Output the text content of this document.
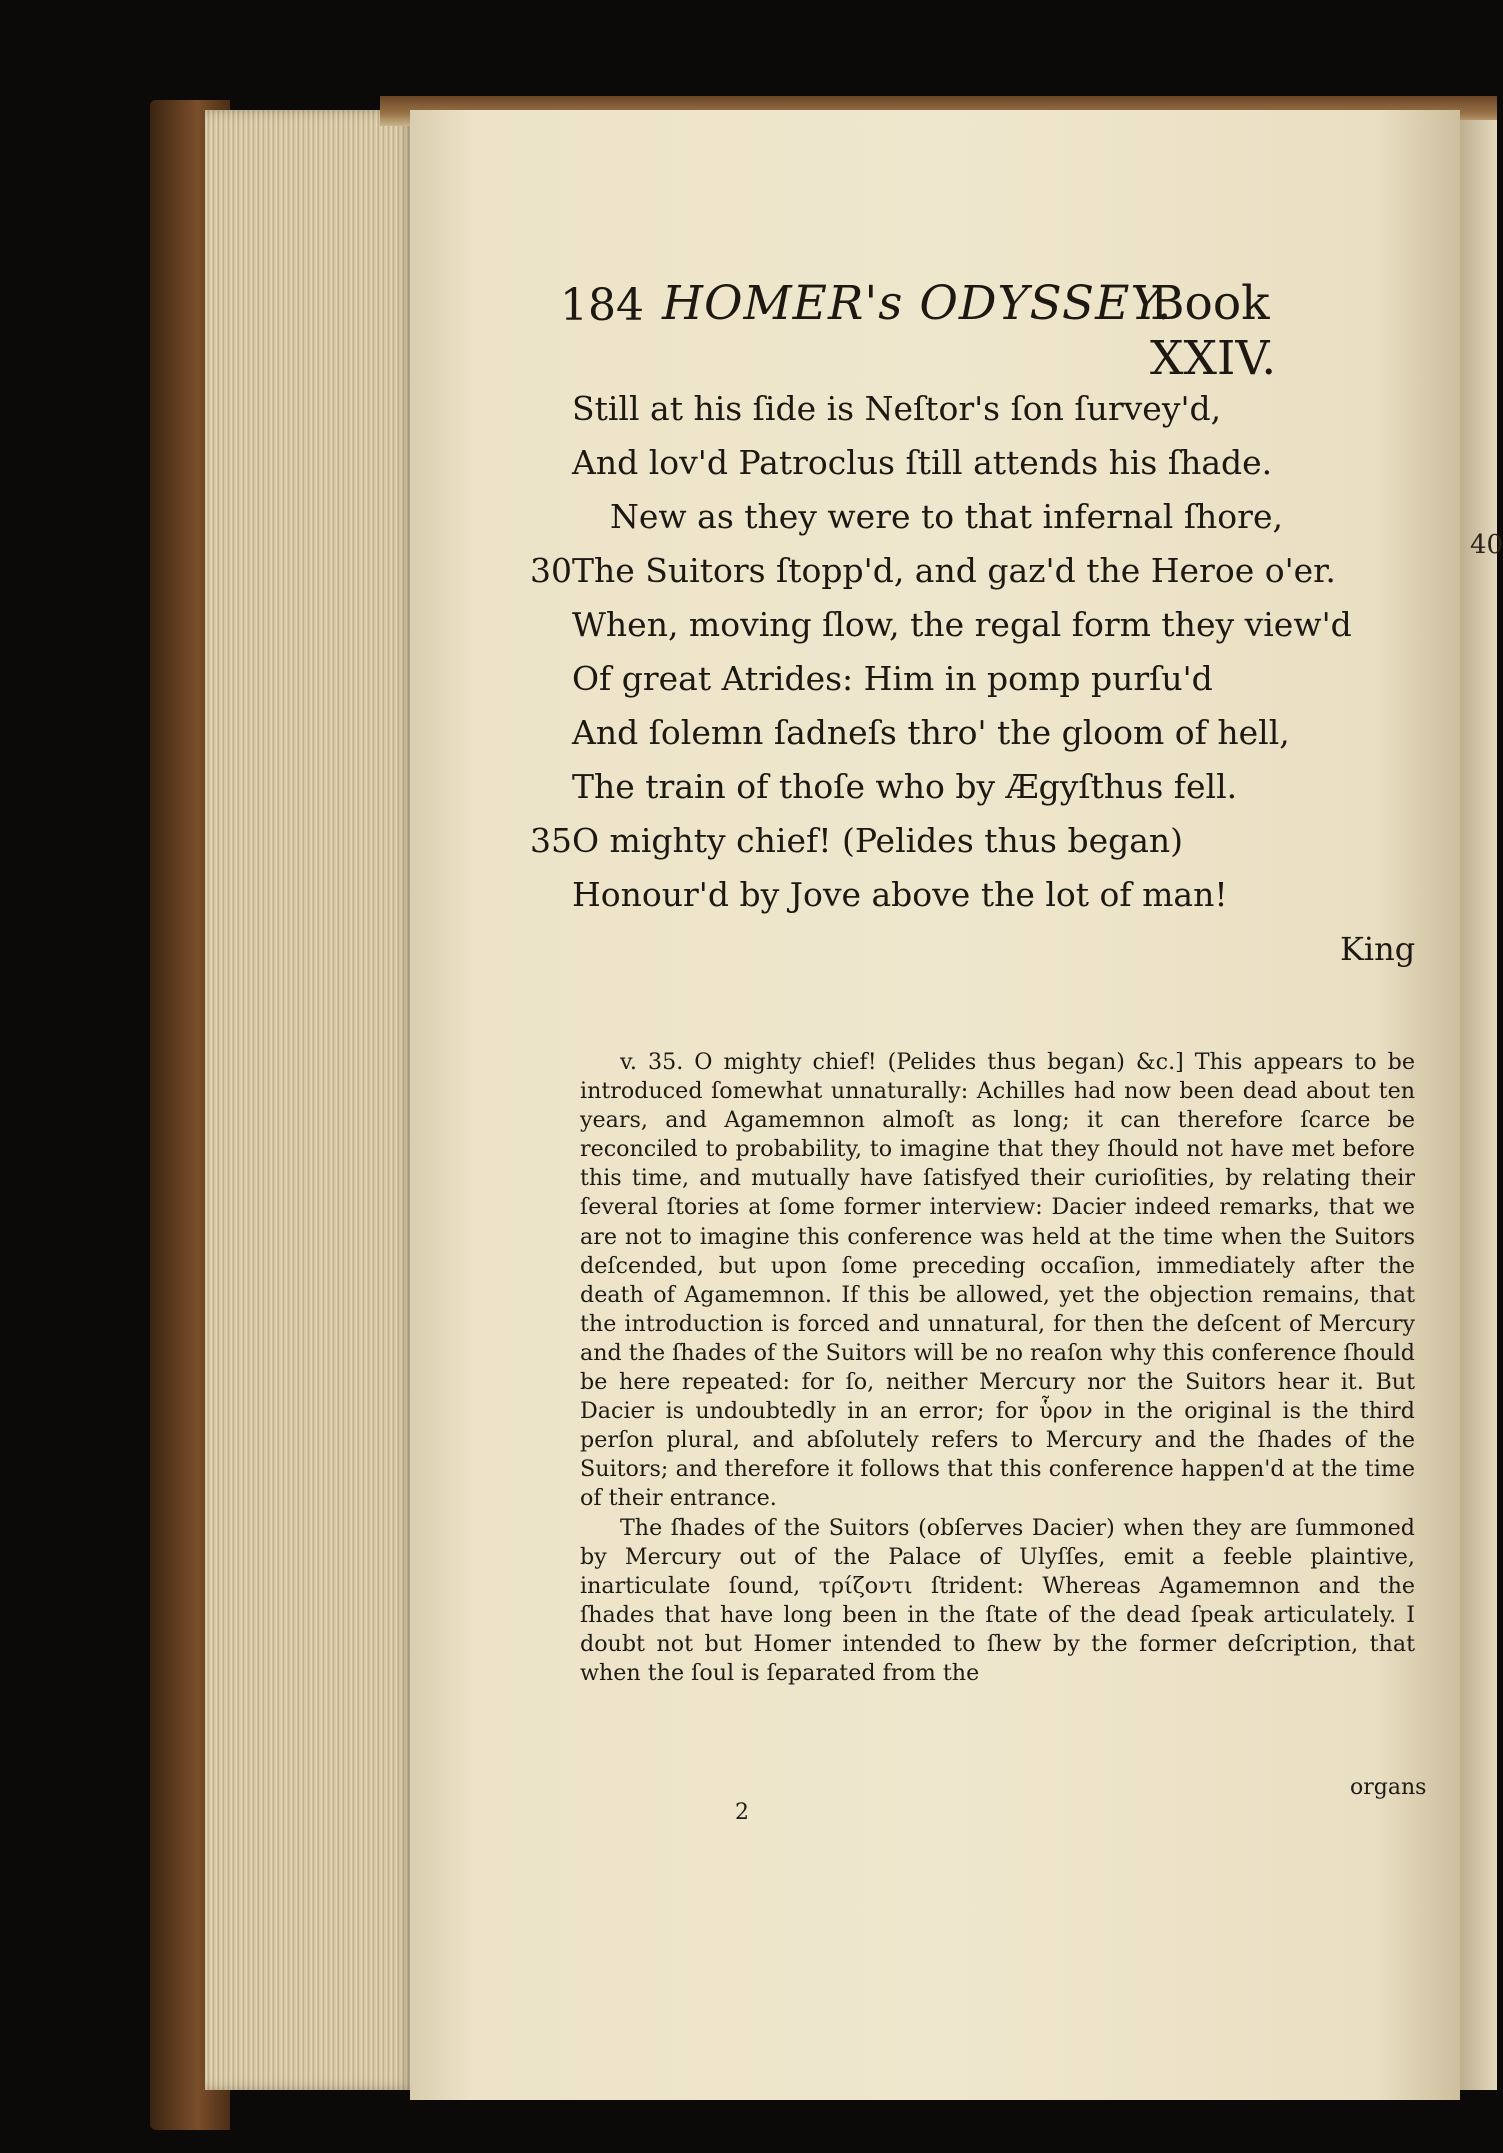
40
184 HOMER's ODYSSEY.
Book XXIV.
Still at his ſide is Neſtor's ſon ſurvey'd,
And lov'd Patroclus ſtill attends his ſhade.
New as they were to that infernal ſhore,
30 The Suitors ſtopp'd, and gaz'd the Heroe o'er.
When, moving ſlow, the regal form they view'd
Of great Atrides: Him in pomp purſu'd
And ſolemn ſadneſs thro' the gloom of hell,
The train of thoſe who by Ægyſthus fell.
35 O mighty chief! (Pelides thus began)
Honour'd by Jove above the lot of man!
King

v. 35. O mighty chief! (Pelides thus began) &c.] This appears to be introduced ſomewhat unnaturally: Achilles had now been dead about ten years, and Agamemnon almoſt as long; it can therefore ſcarce be reconciled to probability, to imagine that they ſhould not have met before this time, and mutually have ſatisfyed their curioſities, by relating their ſeveral ſtories at ſome former interview: Dacier indeed remarks, that we are not to imagine this conference was held at the time when the Suitors deſcended, but upon ſome preceding occaſion, immediately after the death of Agamemnon. If this be allowed, yet the objection remains, that the introduction is forced and unnatural, for then the deſcent of Mercury and the ſhades of the Suitors will be no reaſon why this conference ſhould be here repeated: for ſo, neither Mercury nor the Suitors hear it. But Dacier is undoubtedly in an error; for ὗρον in the original is the third perſon plural, and abſolutely refers to Mercury and the ſhades of the Suitors; and therefore it follows that this conference happen'd at the time of their entrance.

The ſhades of the Suitors (obſerves Dacier) when they are ſummoned by Mercury out of the Palace of Ulyſſes, emit a feeble plaintive, inarticulate ſound, τρίζοντι ſtrident: Whereas Agamemnon and the ſhades that have long been in the ſtate of the dead ſpeak articulately. I doubt not but Homer intended to ſhew by the former deſcription, that when the ſoul is ſeparated from the

organs
2
